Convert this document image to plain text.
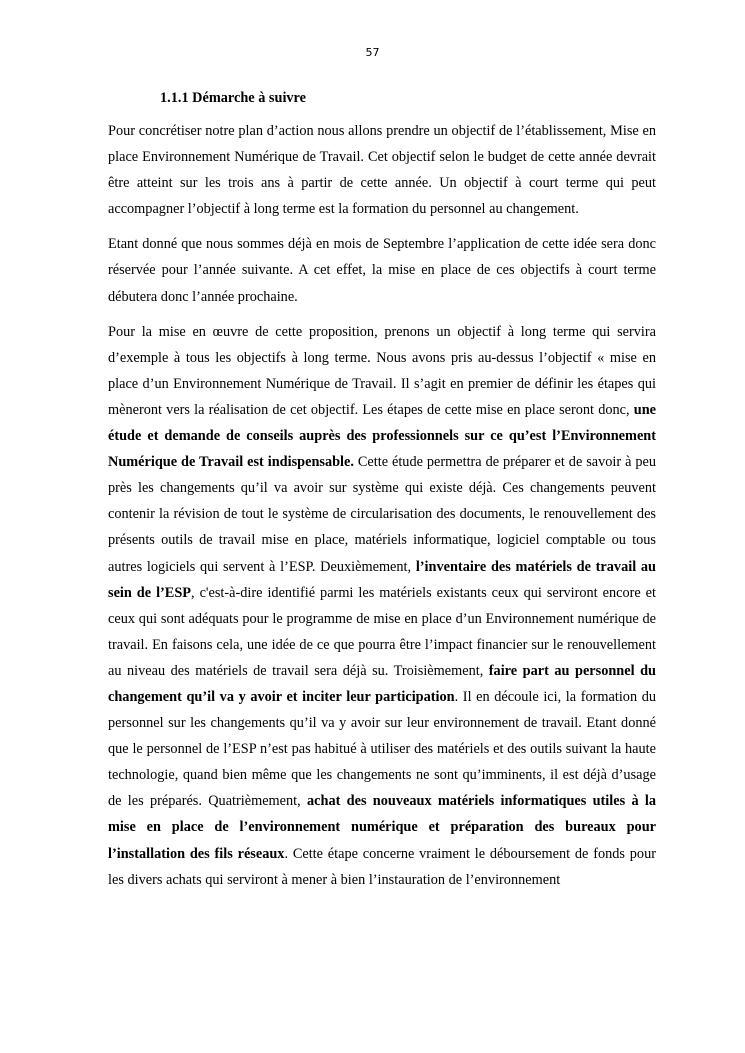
57
1.1.1 Démarche à suivre

Pour concrétiser notre plan d’action nous allons prendre un objectif de l’établissement, Mise en place Environnement Numérique de Travail. Cet objectif selon le budget de cette année devrait être atteint sur les trois ans à partir de cette année. Un objectif à court terme qui peut accompagner l’objectif à long terme est la formation du personnel au changement.

Etant donné que nous sommes déjà en mois de Septembre l’application de cette idée sera donc réservée pour l’année suivante. A cet effet, la mise en place de ces objectifs à court terme débutera donc l’année prochaine.

Pour la mise en œuvre de cette proposition, prenons un objectif à long terme qui servira d’exemple à tous les objectifs à long terme. Nous avons pris au-dessus l’objectif « mise en place d’un Environnement Numérique de Travail. Il s’agit en premier de définir les étapes qui mèneront vers la réalisation de cet objectif. Les étapes de cette mise en place seront donc, une étude et demande de conseils auprès des professionnels sur ce qu’est l’Environnement Numérique de Travail est indispensable. Cette étude permettra de préparer et de savoir à peu près les changements qu’il va avoir sur système qui existe déjà. Ces changements peuvent contenir la révision de tout le système de circularisation des documents, le renouvellement des présents outils de travail mise en place, matériels informatique, logiciel comptable ou tous autres logiciels qui servent à l’ESP. Deuxièmement, l’inventaire des matériels de travail au sein de l’ESP, c'est-à-dire identifié parmi les matériels existants ceux qui serviront encore et ceux qui sont adéquats pour le programme de mise en place d’un Environnement numérique de travail. En faisons cela, une idée de ce que pourra être l’impact financier sur le renouvellement au niveau des matériels de travail sera déjà su. Troisièmement, faire part au personnel du changement qu’il va y avoir et inciter leur participation. Il en découle ici, la formation du personnel sur les changements qu’il va y avoir sur leur environnement de travail. Etant donné que le personnel de l’ESP n’est pas habitué à utiliser des matériels et des outils suivant la haute technologie, quand bien même que les changements ne sont qu’imminents, il est déjà d’usage de les préparés. Quatrièmement, achat des nouveaux matériels informatiques utiles à la mise en place de l’environnement numérique et préparation des bureaux pour l’installation des fils réseaux. Cette étape concerne vraiment le déboursement de fonds pour les divers achats qui serviront à mener à bien l’instauration de l’environnement
